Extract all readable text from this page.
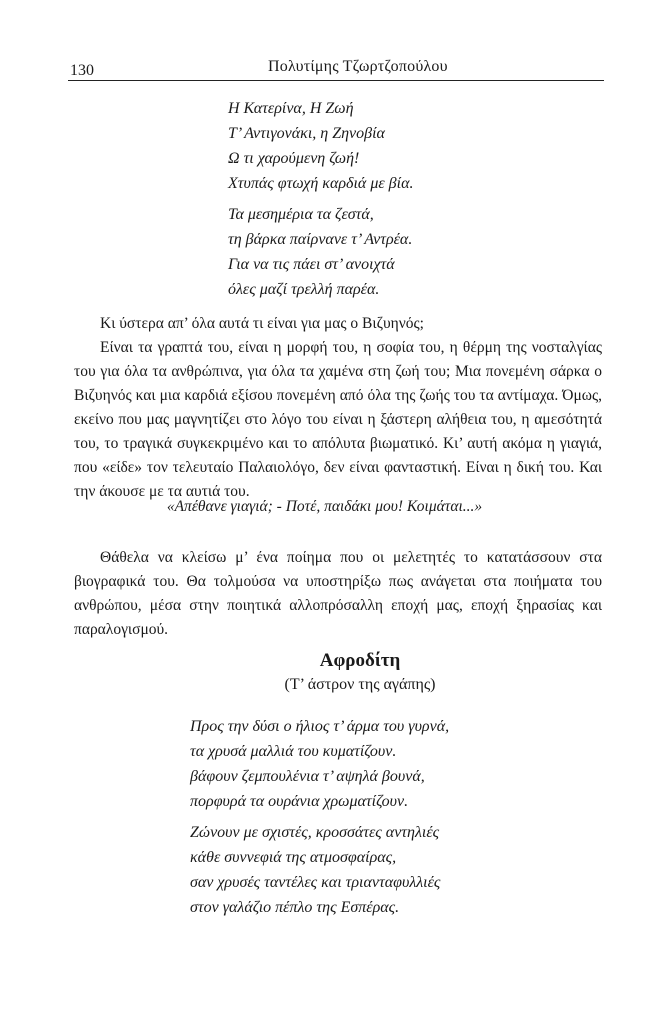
130	Πολυτίμης Τζωρτζοπούλου
Η Κατερίνα, Η Ζωή
Τ’ Αντιγονάκι, η Ζηνοβία
Ω τι χαρούμενη ζωή!
Χτυπάς φτωχή καρδιά με βία.
Τα μεσημέρια τα ζεστά,
τη βάρκα παίρνανε τ’ Αντρέα.
Για να τις πάει στ’ ανοιχτά
όλες μαζί τρελλή παρέα.

Κι ύστερα απ’ όλα αυτά τι είναι για μας ο Βιζυηνός;

Είναι τα γραπτά του, είναι η μορφή του, η σοφία του, η θέρμη της νοσταλγίας του για όλα τα ανθρώπινα, για όλα τα χαμένα στη ζωή του; Μια πονεμένη σάρκα ο Βιζυηνός και μια καρδιά εξίσου πονεμένη από όλα της ζωής του τα αντίμαχα. Όμως, εκείνο που μας μαγνητίζει στο λόγο του είναι η ξάστερη αλήθεια του, η αμεσότητά του, το τραγικά συγκεκριμένο και το απόλυτα βιωματικό. Κι’ αυτή ακόμα η γιαγιά, που «είδε» τον τελευταίο Παλαιολόγο, δεν είναι φανταστική. Είναι η δική του. Και την άκουσε με τα αυτιά του.

«Απέθανε γιαγιά; - Ποτέ, παιδάκι μου! Κοιμάται...»

Θάθελα να κλείσω μ’ ένα ποίημα που οι μελετητές το κατατάσσουν στα βιογραφικά του. Θα τολμούσα να υποστηρίξω πως ανάγεται στα ποιήματα του ανθρώπου, μέσα στην ποιητικά αλλοπρόσαλλη εποχή μας, εποχή ξηρασίας και παραλογισμού.

Αφροδίτη
(Τ’ άστρον της αγάπης)
Προς την δύσι ο ήλιος τ’ άρμα του γυρνά,
τα χρυσά μαλλιά του κυματίζουν.
βάφουν ζεμπουλένια τ’ αψηλά βουνά,
πορφυρά τα ουράνια χρωματίζουν.
Ζώνουν με σχιστές, κροσσάτες αντηλιές
κάθε συννεφιά της ατμοσφαίρας,
σαν χρυσές ταντέλες και τριανταφυλλιές
στον γαλάζιο πέπλο της Εσπέρας.
